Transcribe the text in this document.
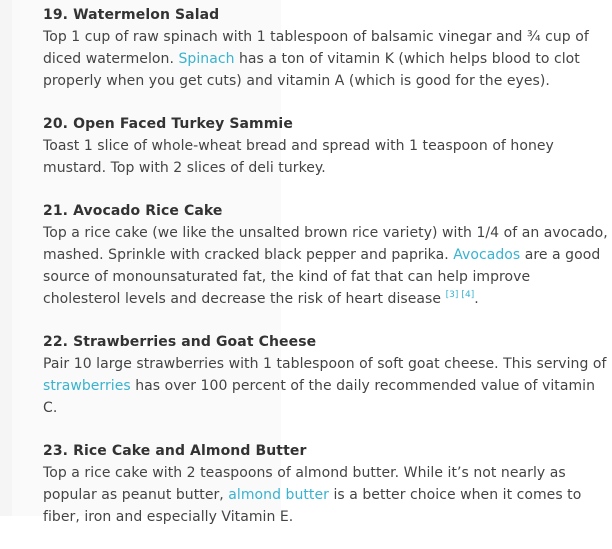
19. Watermelon Salad

Top 1 cup of raw spinach with 1 tablespoon of balsamic vinegar and ¾ cup of diced watermelon. Spinach has a ton of vitamin K (which helps blood to clot properly when you get cuts) and vitamin A (which is good for the eyes).

20. Open Faced Turkey Sammie

Toast 1 slice of whole-wheat bread and spread with 1 teaspoon of honey mustard. Top with 2 slices of deli turkey.

21. Avocado Rice Cake

Top a rice cake (we like the unsalted brown rice variety) with 1/4 of an avocado, mashed. Sprinkle with cracked black pepper and paprika. Avocados are a good source of monounsaturated fat, the kind of fat that can help improve cholesterol levels and decrease the risk of heart disease [3] [4].

22. Strawberries and Goat Cheese

Pair 10 large strawberries with 1 tablespoon of soft goat cheese. This serving of strawberries has over 100 percent of the daily recommended value of vitamin C.

23. Rice Cake and Almond Butter

Top a rice cake with 2 teaspoons of almond butter. While it’s not nearly as popular as peanut butter, almond butter is a better choice when it comes to fiber, iron and especially Vitamin E.
